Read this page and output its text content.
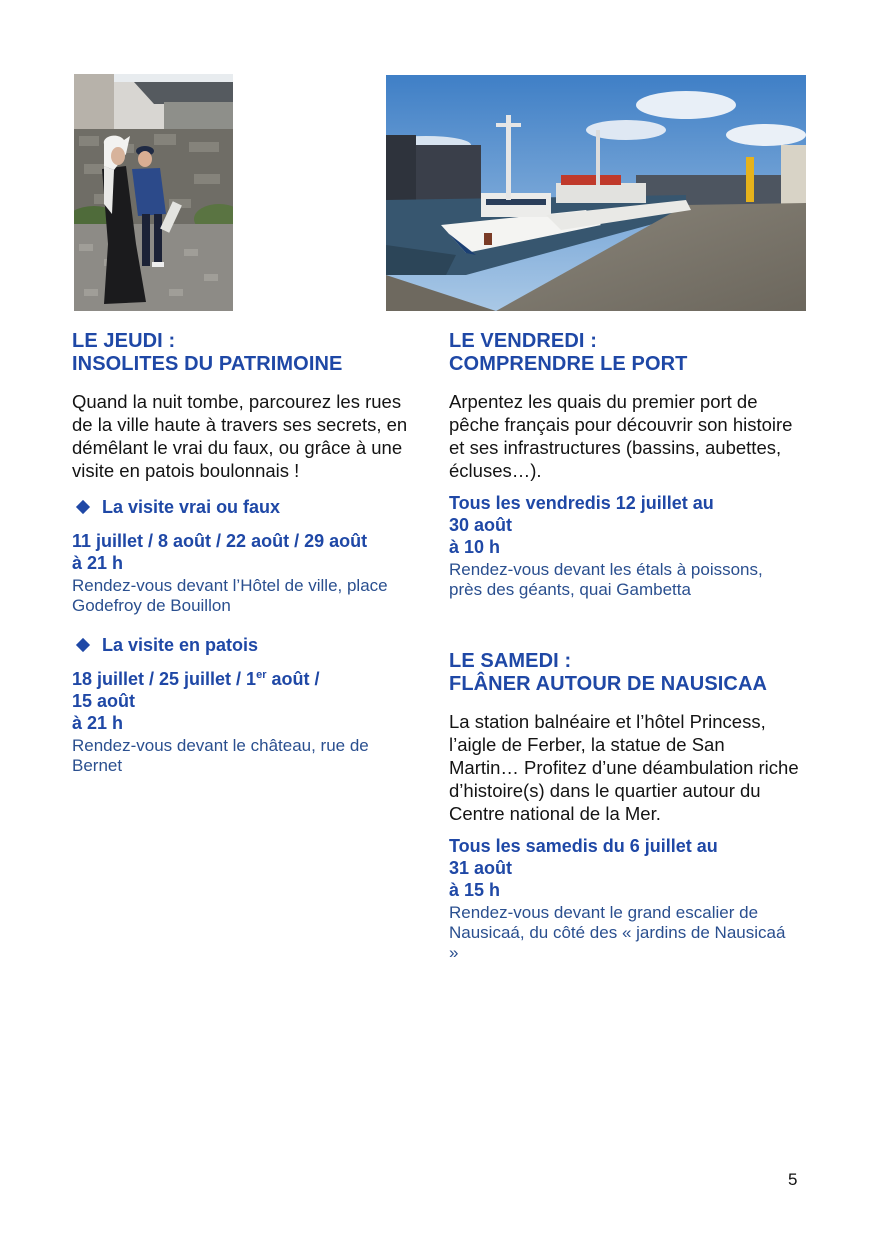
LE JEUDI :
INSOLITES DU PATRIMOINE

Quand la nuit tombe, parcourez les rues de la ville haute à travers ses secrets, en démêlant le vrai du faux, ou grâce à une visite en patois boulonnais !

La visite vrai ou faux
11 juillet / 8 août / 22 août / 29 août
à 21 h

Rendez-vous devant l’Hôtel de ville, place Godefroy de Bouillon

La visite en patois
18 juillet / 25 juillet / 1er août /
15 août
à 21 h

Rendez-vous devant le château, rue de Bernet

LE VENDREDI :
COMPRENDRE LE PORT

Arpentez les quais du premier port de pêche français pour découvrir son histoire et ses infrastructures (bassins, aubettes, écluses…).

Tous les vendredis 12 juillet au
30 août
à 10 h

Rendez-vous devant les étals à poissons, près des géants, quai Gambetta

LE SAMEDI :
FLÂNER AUTOUR DE NAUSICAA

La station balnéaire et l’hôtel Princess, l’aigle de Ferber, la statue de San Martin… Profitez d’une déambulation riche d’histoire(s) dans le quartier autour du Centre national de la Mer.

Tous les samedis du 6 juillet au
31 août
à 15 h

Rendez-vous devant le grand escalier de Nausicaá, du côté des « jardins de Nausicaá »

5
